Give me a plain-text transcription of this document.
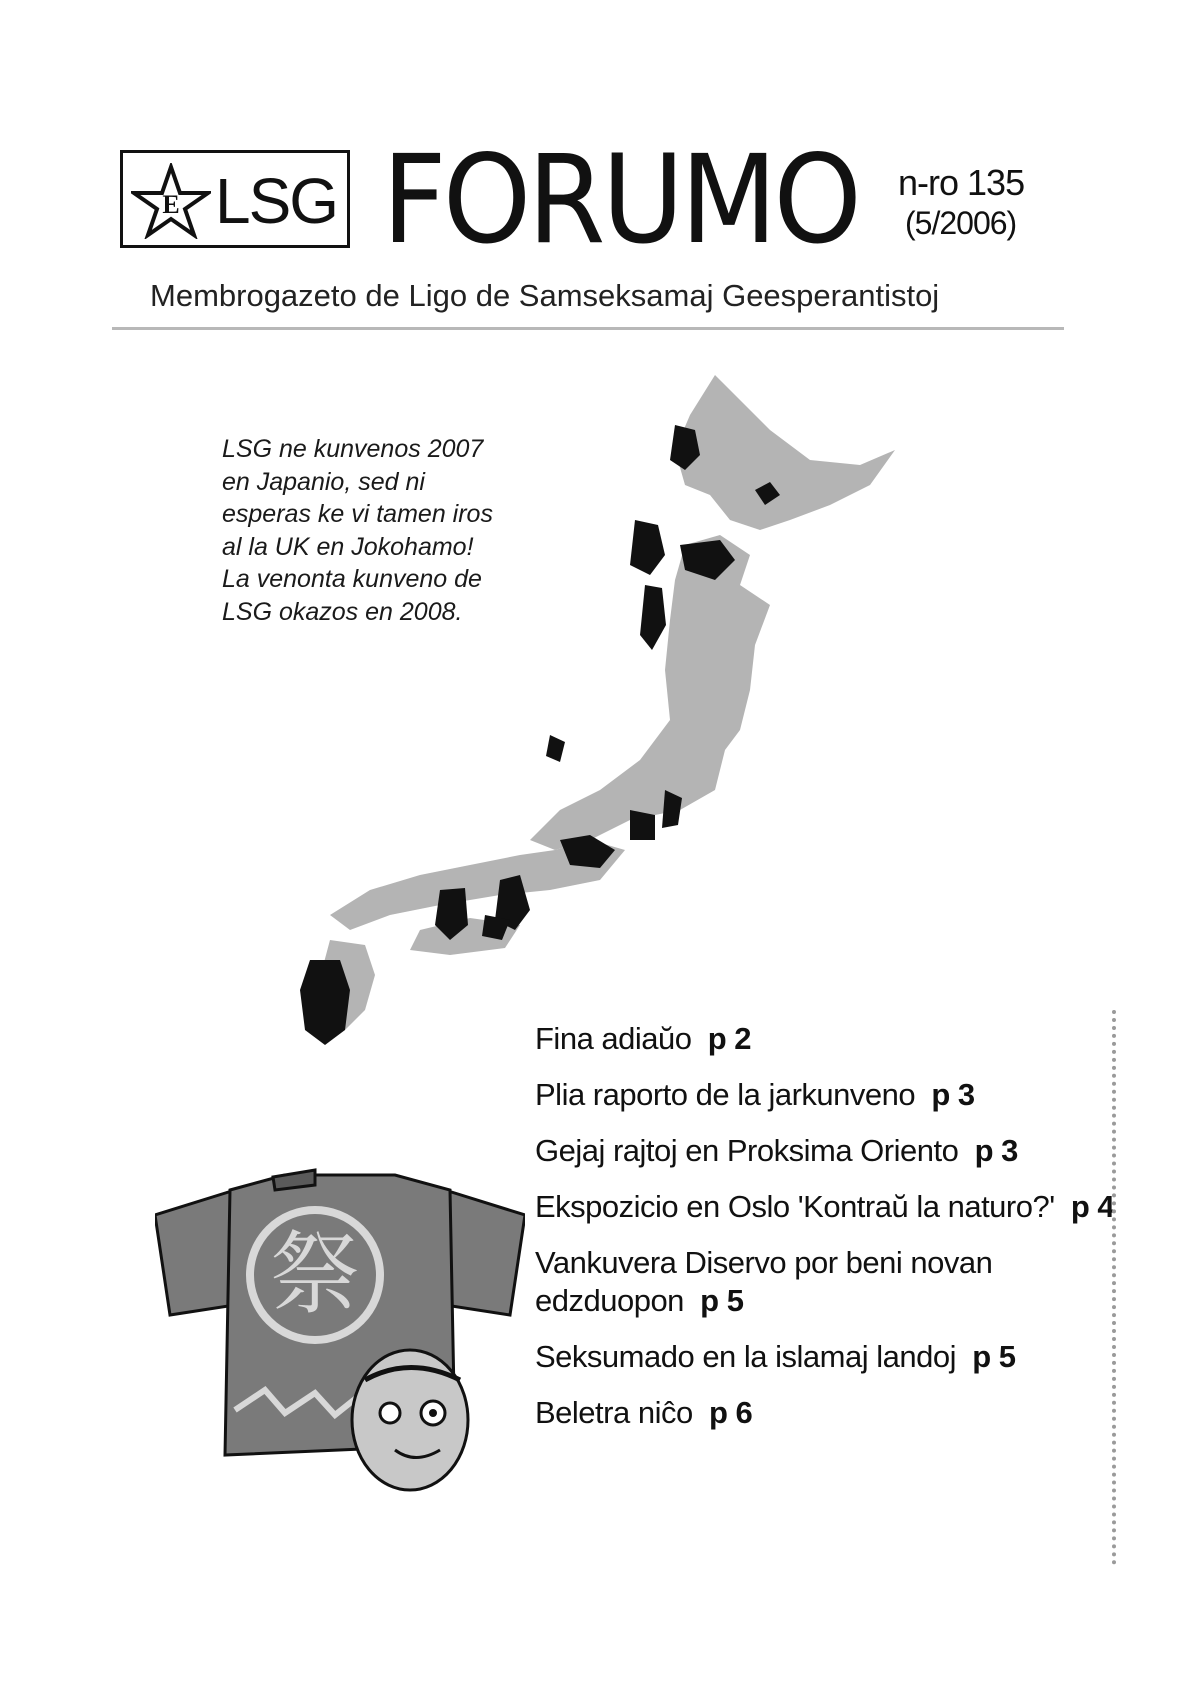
E LSG FORUMO n-ro 135
(5/2006)
Membrogazeto de Ligo de Samseksamaj Geesperantistoj
LSG ne kunvenos 2007 en Japanio, sed ni esperas ke vi tamen iros al la UK en Jokohamo! La venonta kunveno de LSG okazos en 2008.
祭
Fina adiaŭo p 2
Plia raporto de la jarkunveno p 3
Gejaj rajtoj en Proksima Oriento p 3
Ekspozicio en Oslo 'Kontraŭ la naturo?' p 4
Vankuvera Diservo por beni novan edzduopon p 5
Seksumado en la islamaj landoj p 5
Beletra niĉo p 6
